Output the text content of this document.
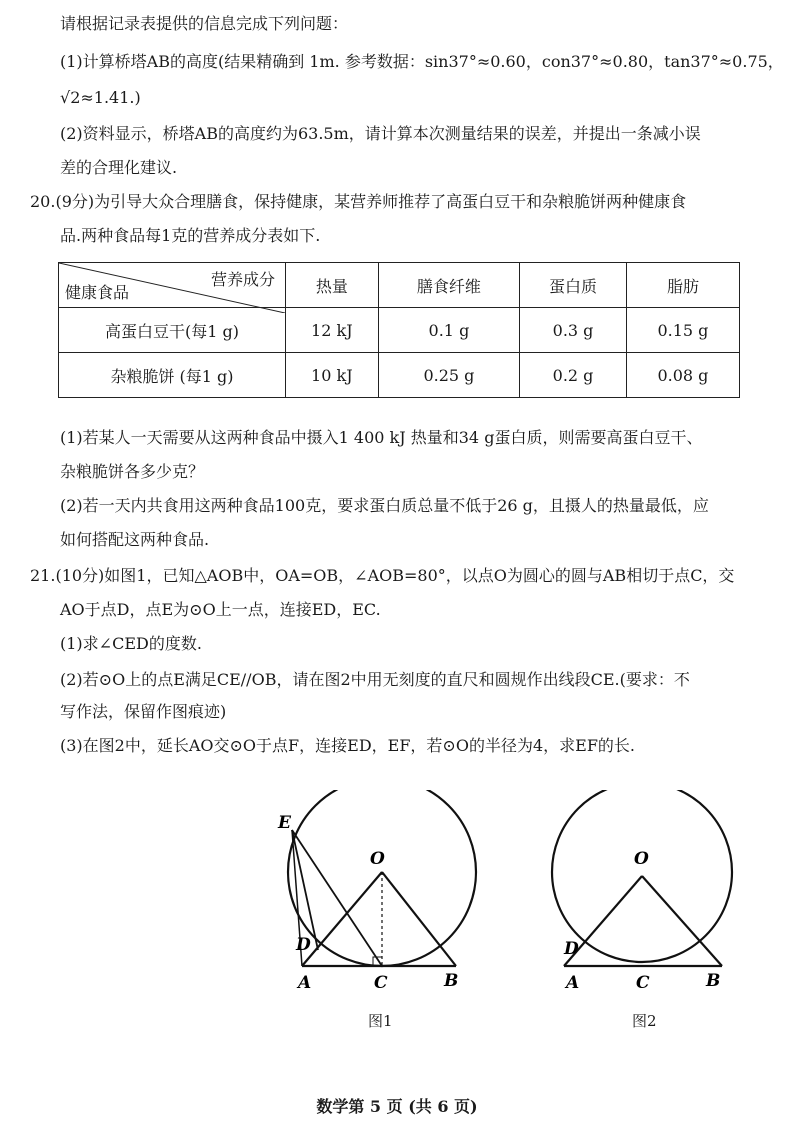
请根据记录表提供的信息完成下列问题：
(1)计算桥塔AB的高度(结果精确到 1m. 参考数据：sin37°≈0.60，con37°≈0.80，tan37°≈0.75，
√2≈1.41.)
(2)资料显示，桥塔AB的高度约为63.5m，请计算本次测量结果的误差，并提出一条减小误
差的合理化建议.
20.(9分)为引导大众合理膳食，保持健康，某营养师推荐了高蛋白豆干和杂粮脆饼两种健康食
品.两种食品每1克的营养成分表如下.
营养成分
健康食品	热量	膳食纤维	蛋白质	脂肪
高蛋白豆干(每1 g)	12 kJ	0.1 g	0.3 g	0.15 g
杂粮脆饼 (每1 g)	10 kJ	0.25 g	0.2 g	0.08 g
(1)若某人一天需要从这两种食品中摄入1 400 kJ 热量和34 g蛋白质，则需要高蛋白豆干、
杂粮脆饼各多少克？
(2)若一天内共食用这两种食品100克，要求蛋白质总量不低于26 g，且摄人的热量最低，应
如何搭配这两种食品.
21.(10分)如图1，已知△AOB中，OA=OB，∠AOB=80°，以点O为圆心的圆与AB相切于点C，交
AO于点D，点E为⊙O上一点，连接ED，EC.
(1)求∠CED的度数.
(2)若⊙O上的点E满足CE//OB，请在图2中用无刻度的直尺和圆规作出线段CE.(要求：不
写作法，保留作图痕迹)
(3)在图2中，延长AO交⊙O于点F，连接ED，EF，若⊙O的半径为4，求EF的长.
E
O
D
A	C	B
图1
O
D
A	C	B
图2
数学第 5 页 (共 6 页)
